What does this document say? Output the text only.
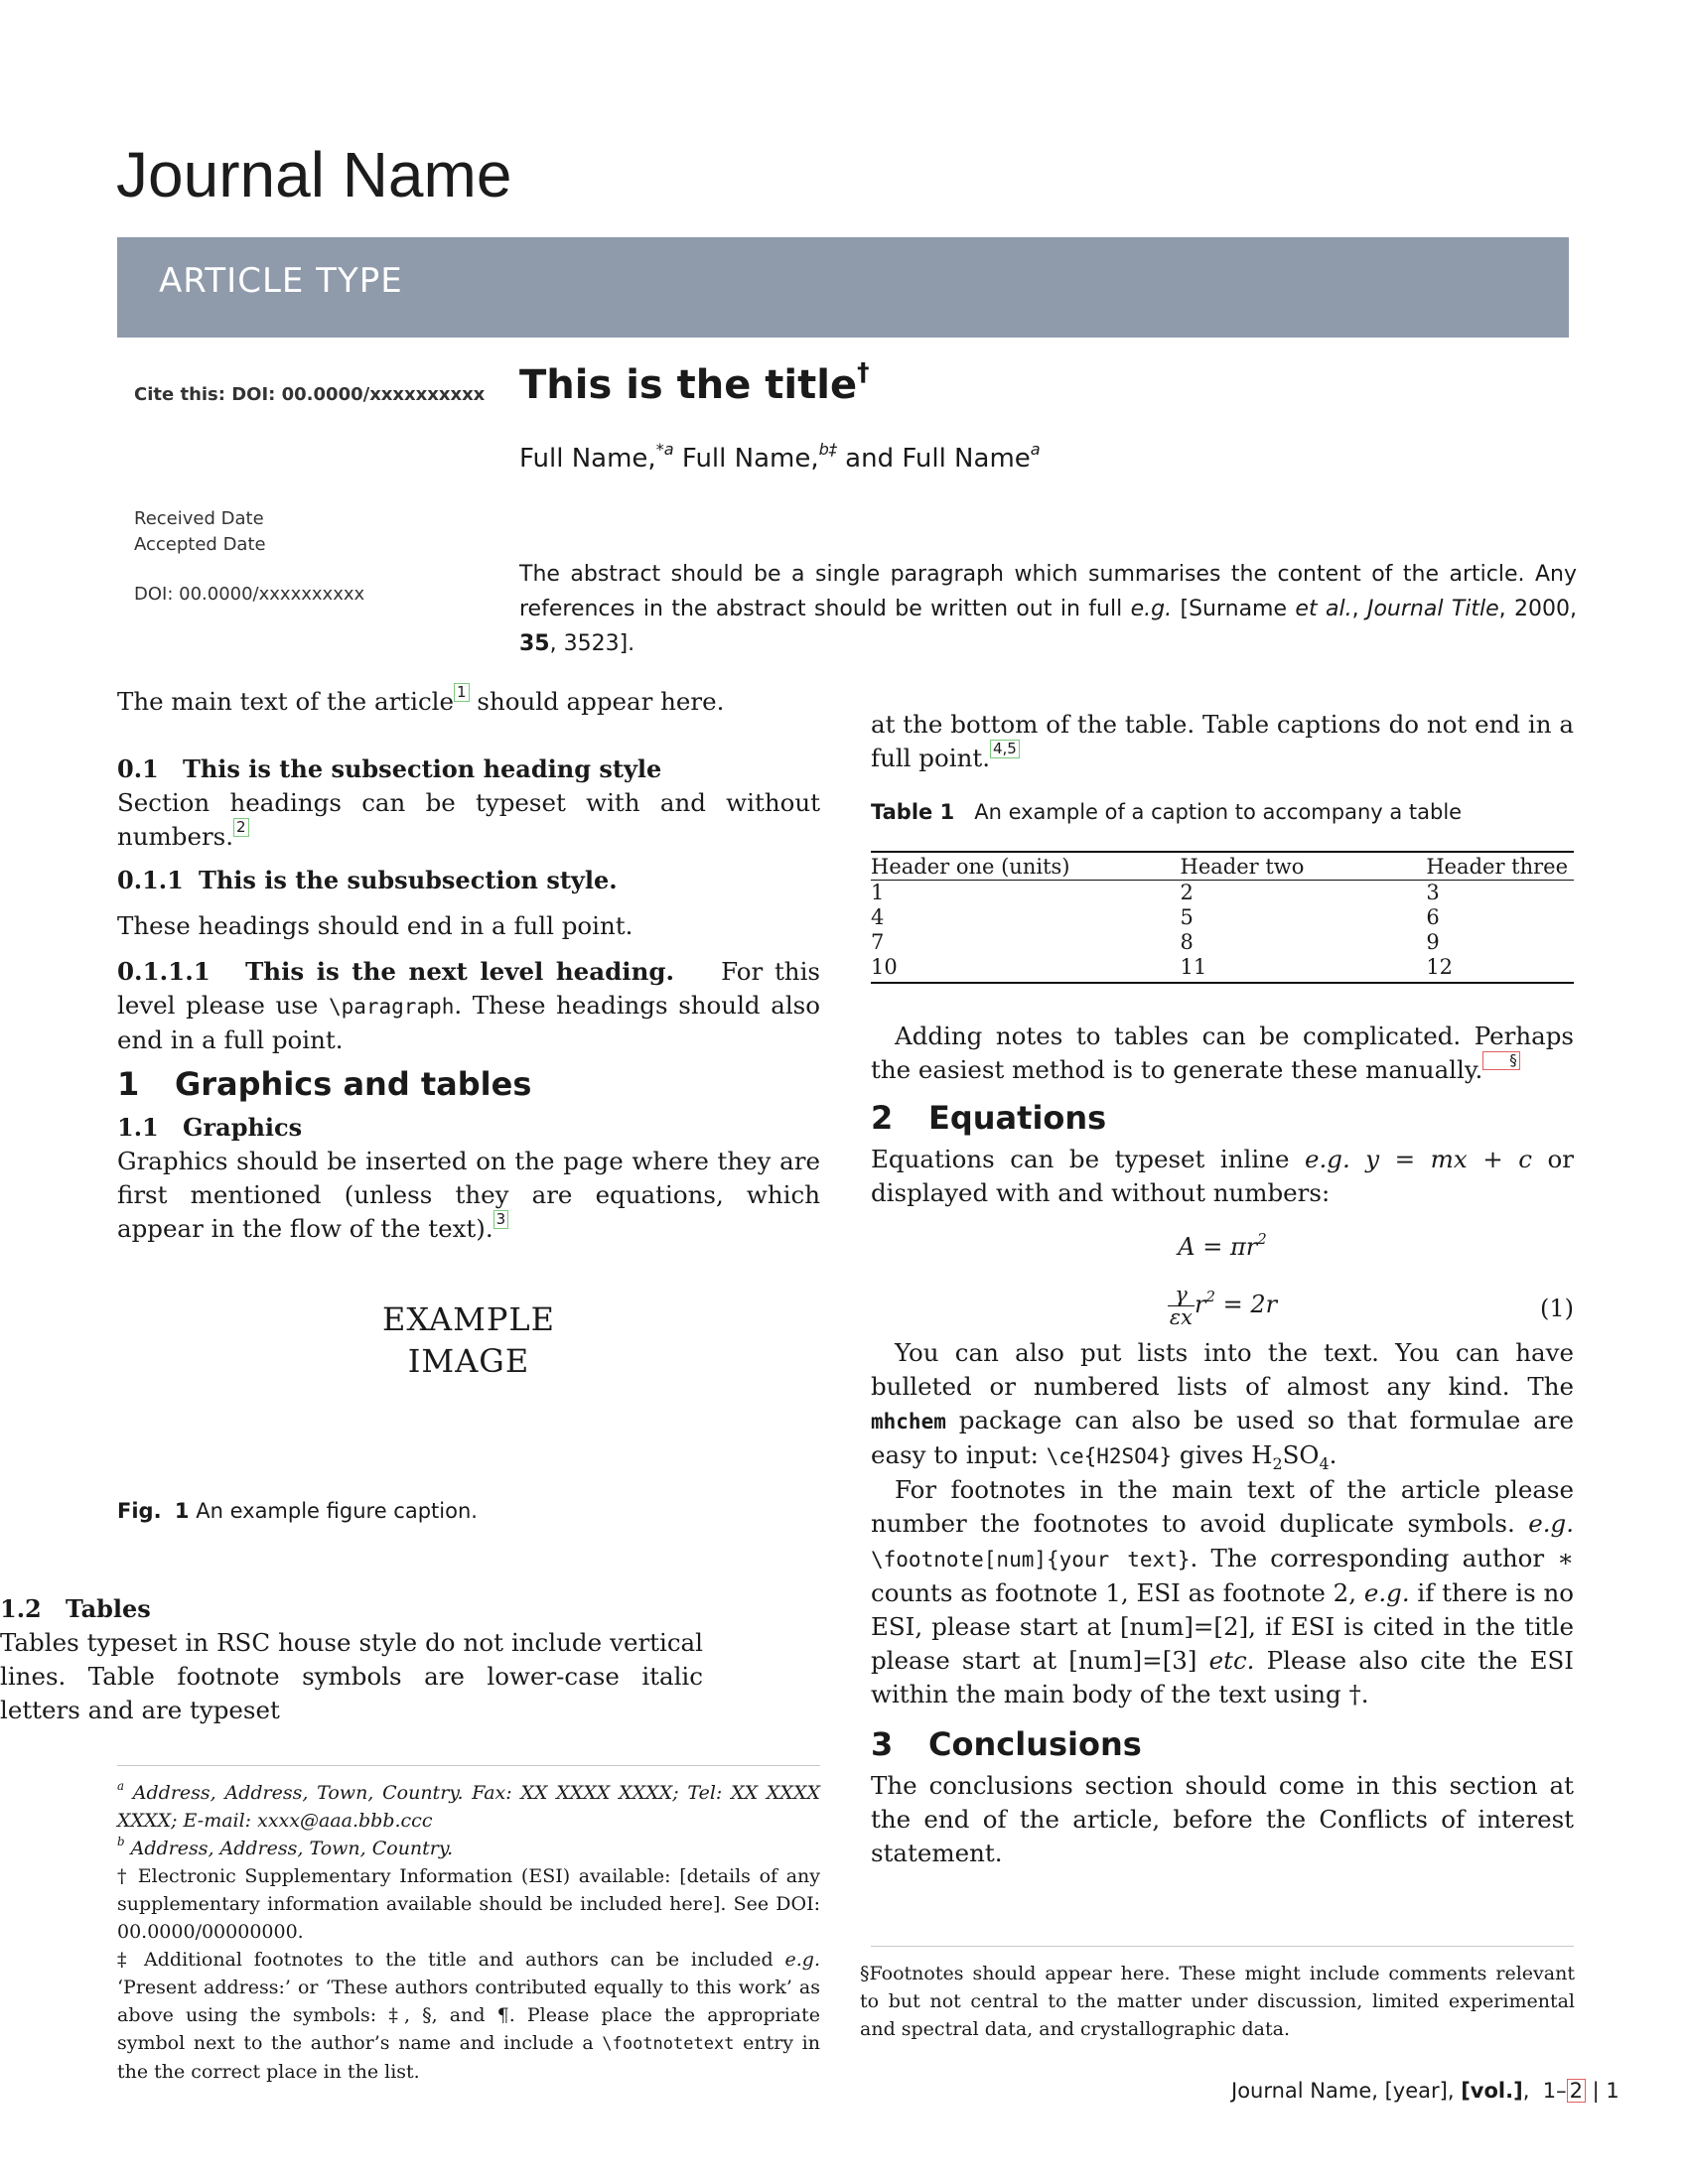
Journal Name
ARTICLE TYPE
Cite this: DOI: 00.0000/xxxxxxxxxx
Received Date
Accepted Date
DOI: 00.0000/xxxxxxxxxx
This is the title†
Full Name,$^{*a}$ Full Name,$^{b\ddagger}$ and Full Name$^a$
The abstract should be a single paragraph which summarises the content of the article. Any references in the abstract should be written out in full e.g. [Surname et al., Journal Title, 2000, 35, 3523].

The main text of the article 1 should appear here.

0.1 This is the subsection heading style

Section headings can be typeset with and without numbers. 2

0.1.1 This is the subsubsection style.

These headings should end in a full point.

0.1.1.1 This is the next level heading. For this level please use \paragraph. These headings should also end in a full point.

1 Graphics and tables

1.1 Graphics

Graphics should be inserted on the page where they are first mentioned (unless they are equations, which appear in the flow of the text). 3

EXAMPLE
IMAGE
Fig. 1 An example figure caption.

1.2 Tables

Tables typeset in RSC house style do not include vertical lines. Table footnote symbols are lower-case italic letters and are typeset

$^a$ Address, Address, Town, Country. Fax: XX XXXX XXXX; Tel: XX XXXX XXXX; E-mail: xxxx@aaa.bbb.ccc

$^b$ Address, Address, Town, Country.

† Electronic Supplementary Information (ESI) available: [details of any supplementary information available should be included here]. See DOI: 00.0000/00000000.

‡ Additional footnotes to the title and authors can be included e.g. ‘Present address:’ or ‘These authors contributed equally to this work’ as above using the symbols: ‡, §, and ¶. Please place the appropriate symbol next to the author’s name and include a \footnotetext entry in the the correct place in the list.

at the bottom of the table. Table captions do not end in a full point. 4,5

Table 1 An example of a caption to accompany a table

Header one (units)	Header two	Header three
1	2	3
4	5	6
7	8	9
10	11	12

Adding notes to tables can be complicated. Perhaps the easiest method is to generate these manually. §

2 Equations

Equations can be typeset inline e.g. y = mx + c or displayed with and without numbers:

$A = \pi r^2$
$\frac{\gamma}{\varepsilon x} r^2 = 2r$	(1)

You can also put lists into the text. You can have bulleted or numbered lists of almost any kind. The mhchem package can also be used so that formulae are easy to input: \ce{H2SO4} gives $H_2SO_4$.

For footnotes in the main text of the article please number the footnotes to avoid duplicate symbols. e.g. \footnote[num]{your text}. The corresponding author ∗ counts as footnote 1, ESI as footnote 2, e.g. if there is no ESI, please start at [num]=[2], if ESI is cited in the title please start at [num]=[3] etc. Please also cite the ESI within the main body of the text using †.

3 Conclusions

The conclusions section should come in this section at the end of the article, before the Conflicts of interest statement.

§Footnotes should appear here. These might include comments relevant to but not central to the matter under discussion, limited experimental and spectral data, and crystallographic data.

Journal Name, [year], [vol.], 1– 2 | 1
